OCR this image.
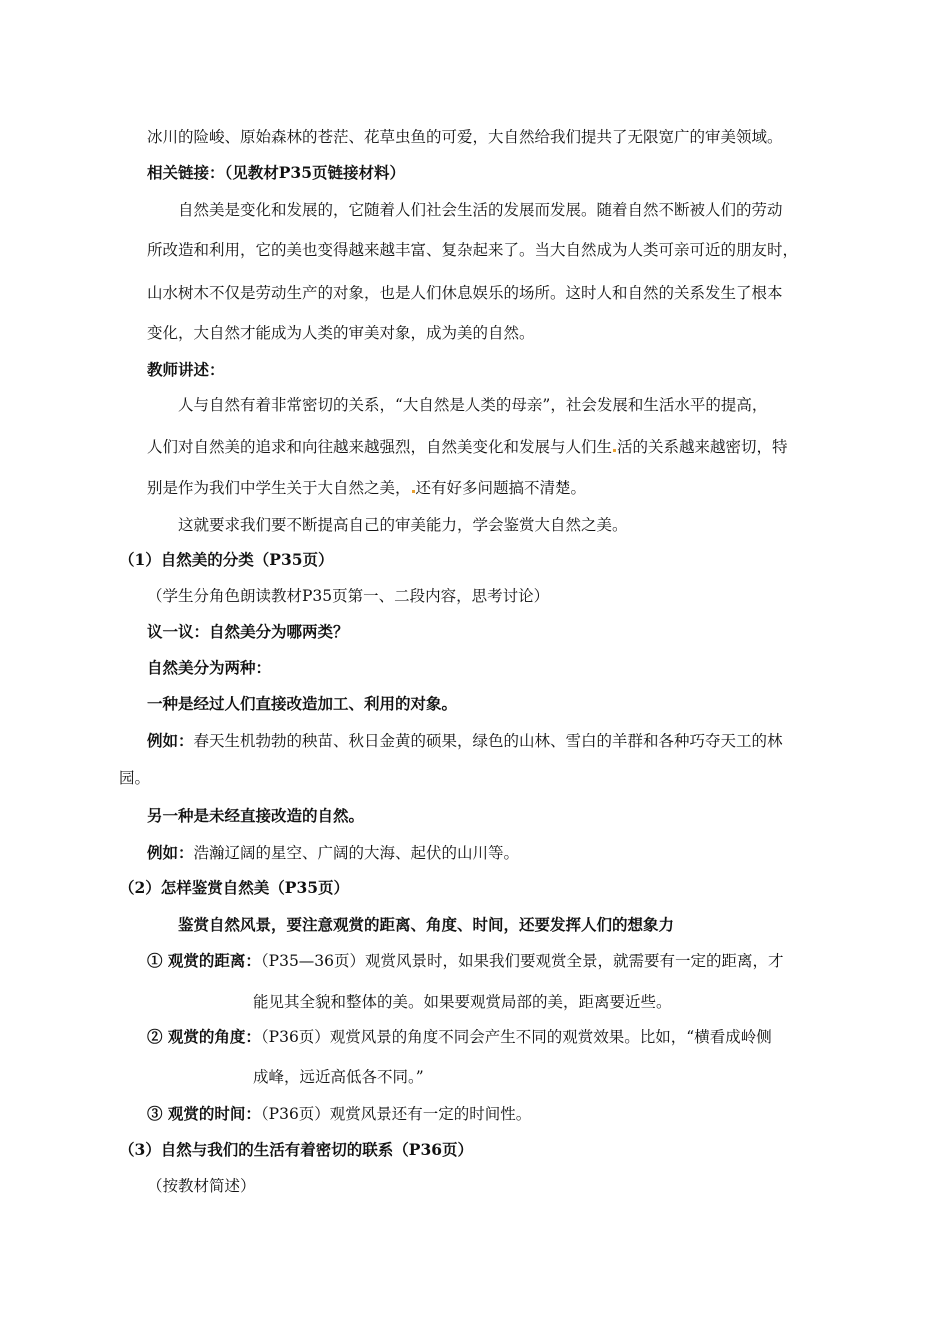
冰川的险峻、原始森林的苍茫、花草虫鱼的可爱，大自然给我们提共了无限宽广的审美领域。
相关链接：（见教材P35页链接材料）
自然美是变化和发展的，它随着人们社会生活的发展而发展。随着自然不断被人们的劳动
所改造和利用，它的美也变得越来越丰富、复杂起来了。当大自然成为人类可亲可近的朋友时，
山水树木不仅是劳动生产的对象，也是人们休息娱乐的场所。这时人和自然的关系发生了根本
变化，大自然才能成为人类的审美对象，成为美的自然。
教师讲述：
人与自然有着非常密切的关系，“大自然是人类的母亲”，社会发展和生活水平的提高，
人们对自然美的追求和向往越来越强烈，自然美变化和发展与人们生 活的关系越来越密切，特
别是作为我们中学生关于大自然之美， 还有好多问题搞不清楚。
这就要求我们要不断提高自己的审美能力，学会鉴赏大自然之美。
（1）自然美的分类（P35页）
（学生分角色朗读教材P35页第一、二段内容，思考讨论）
议一议：自然美分为哪两类？
自然美分为两种：
一种是经过人们直接改造加工、利用的对象。
例如：春天生机勃勃的秧苗、秋日金黄的硕果，绿色的山林、雪白的羊群和各种巧夺天工的林
园。
另一种是未经直接改造的自然。
例如：浩瀚辽阔的星空、广阔的大海、起伏的山川等。
（2）怎样鉴赏自然美（P35页）
鉴赏自然风景，要注意观赏的距离、角度、时间，还要发挥人们的想象力
① 观赏的距离：（P35—36页）观赏风景时，如果我们要观赏全景，就需要有一定的距离，才
能见其全貌和整体的美。如果要观赏局部的美，距离要近些。
② 观赏的角度：（P36页）观赏风景的角度不同会产生不同的观赏效果。比如，“横看成岭侧
成峰，远近高低各不同。”
③ 观赏的时间：（P36页）观赏风景还有一定的时间性。
（3）自然与我们的生活有着密切的联系（P36页）
（按教材简述）
